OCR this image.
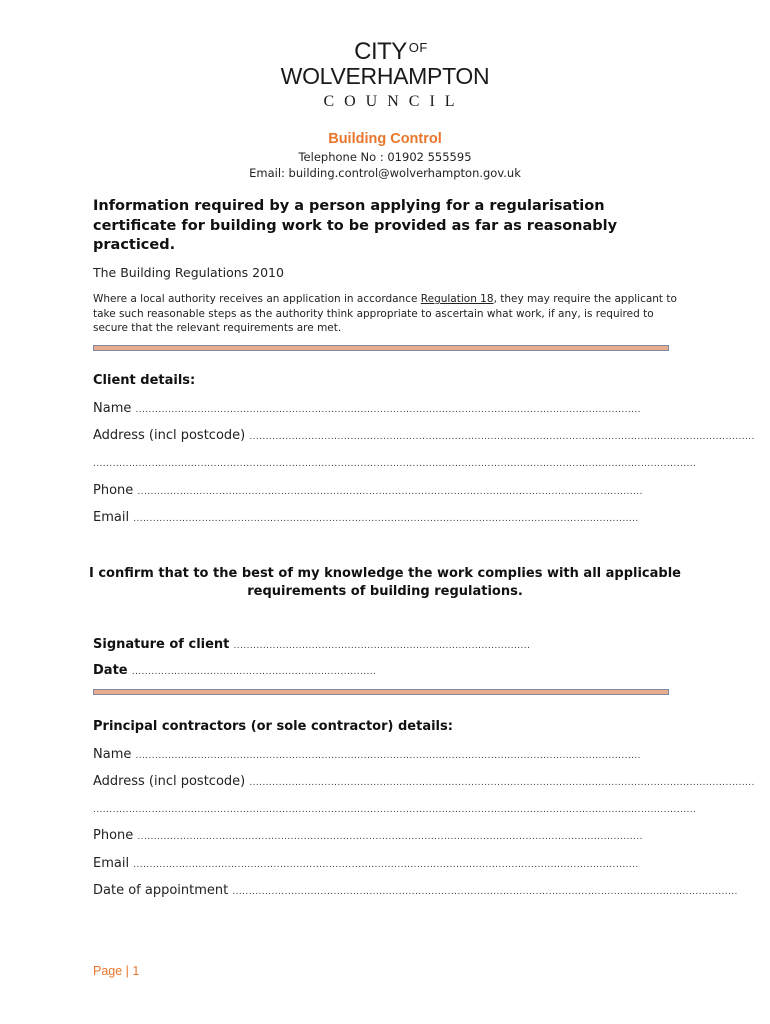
CITY $^{OF}$
WOLVERHAMPTON
COUNCIL
Building Control
Telephone No : 01902 555595
Email: building.control@wolverhampton.gov.uk
Information required by a person applying for a regularisation certificate for building work to be provided as far as reasonably practiced.
The Building Regulations 2010
Where a local authority receives an application in accordance Regulation 18, they may require the applicant to take such reasonable steps as the authority think appropriate to ascertain what work, if any, is required to secure that the relevant requirements are met.
Client details:
Name ...........................................................................................................................................................
Address (incl postcode) ...........................................................................................................................................................
.........................................................................................................................................................................................
Phone ...........................................................................................................................................................
Email ...........................................................................................................................................................
I confirm that to the best of my knowledge the work complies with all applicable requirements of building regulations.
Signature of client ...........................................................................................
Date ...........................................................................
Principal contractors (or sole contractor) details:
Name ...........................................................................................................................................................
Address (incl postcode) ...........................................................................................................................................................
.........................................................................................................................................................................................
Phone ...........................................................................................................................................................
Email ...........................................................................................................................................................
Date of appointment ...........................................................................................................................................................
Page | 1
